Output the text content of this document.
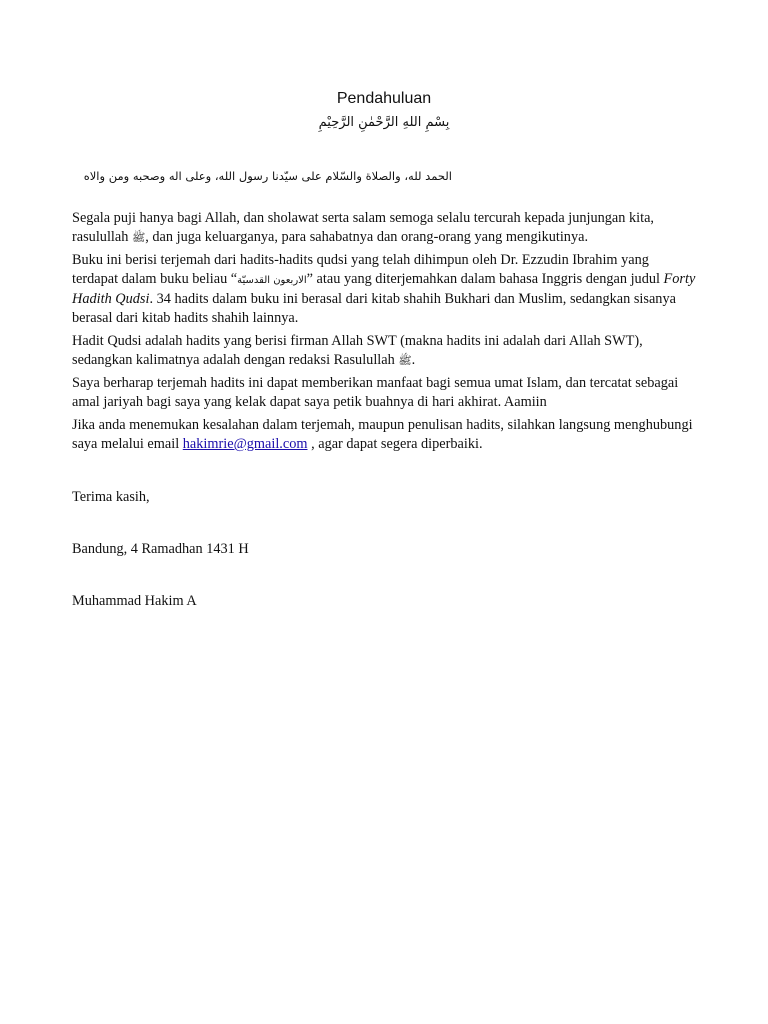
Pendahuluan
بِسْمِ اللهِ الرَّحْمٰنِ الرَّحِيْمِ
الحمد لله، والصلاة والسّلام على سيّدنا رسول الله، وعلى اله وصحبه ومن والاه

Segala puji hanya bagi Allah, dan sholawat serta salam semoga selalu tercurah kepada junjungan kita, rasulullah ﷺ, dan juga keluarganya, para sahabatnya dan orang-orang yang mengikutinya.

Buku ini berisi terjemah dari hadits-hadits qudsi yang telah dihimpun oleh Dr. Ezzudin Ibrahim yang terdapat dalam buku beliau “الاربعون القدسيّة” atau yang diterjemahkan dalam bahasa Inggris dengan judul Forty Hadith Qudsi. 34 hadits dalam buku ini berasal dari kitab shahih Bukhari dan Muslim, sedangkan sisanya berasal dari kitab hadits shahih lainnya.

Hadit Qudsi adalah hadits yang berisi firman Allah SWT (makna hadits ini adalah dari Allah SWT), sedangkan kalimatnya adalah dengan redaksi Rasulullah ﷺ.

Saya berharap terjemah hadits ini dapat memberikan manfaat bagi semua umat Islam, dan tercatat sebagai amal jariyah bagi saya yang kelak dapat saya petik buahnya di hari akhirat. Aamiin

Jika anda menemukan kesalahan dalam terjemah, maupun penulisan hadits, silahkan langsung menghubungi saya melalui email hakimrie@gmail.com , agar dapat segera diperbaiki.

Terima kasih,
Bandung, 4 Ramadhan 1431 H
Muhammad Hakim A
